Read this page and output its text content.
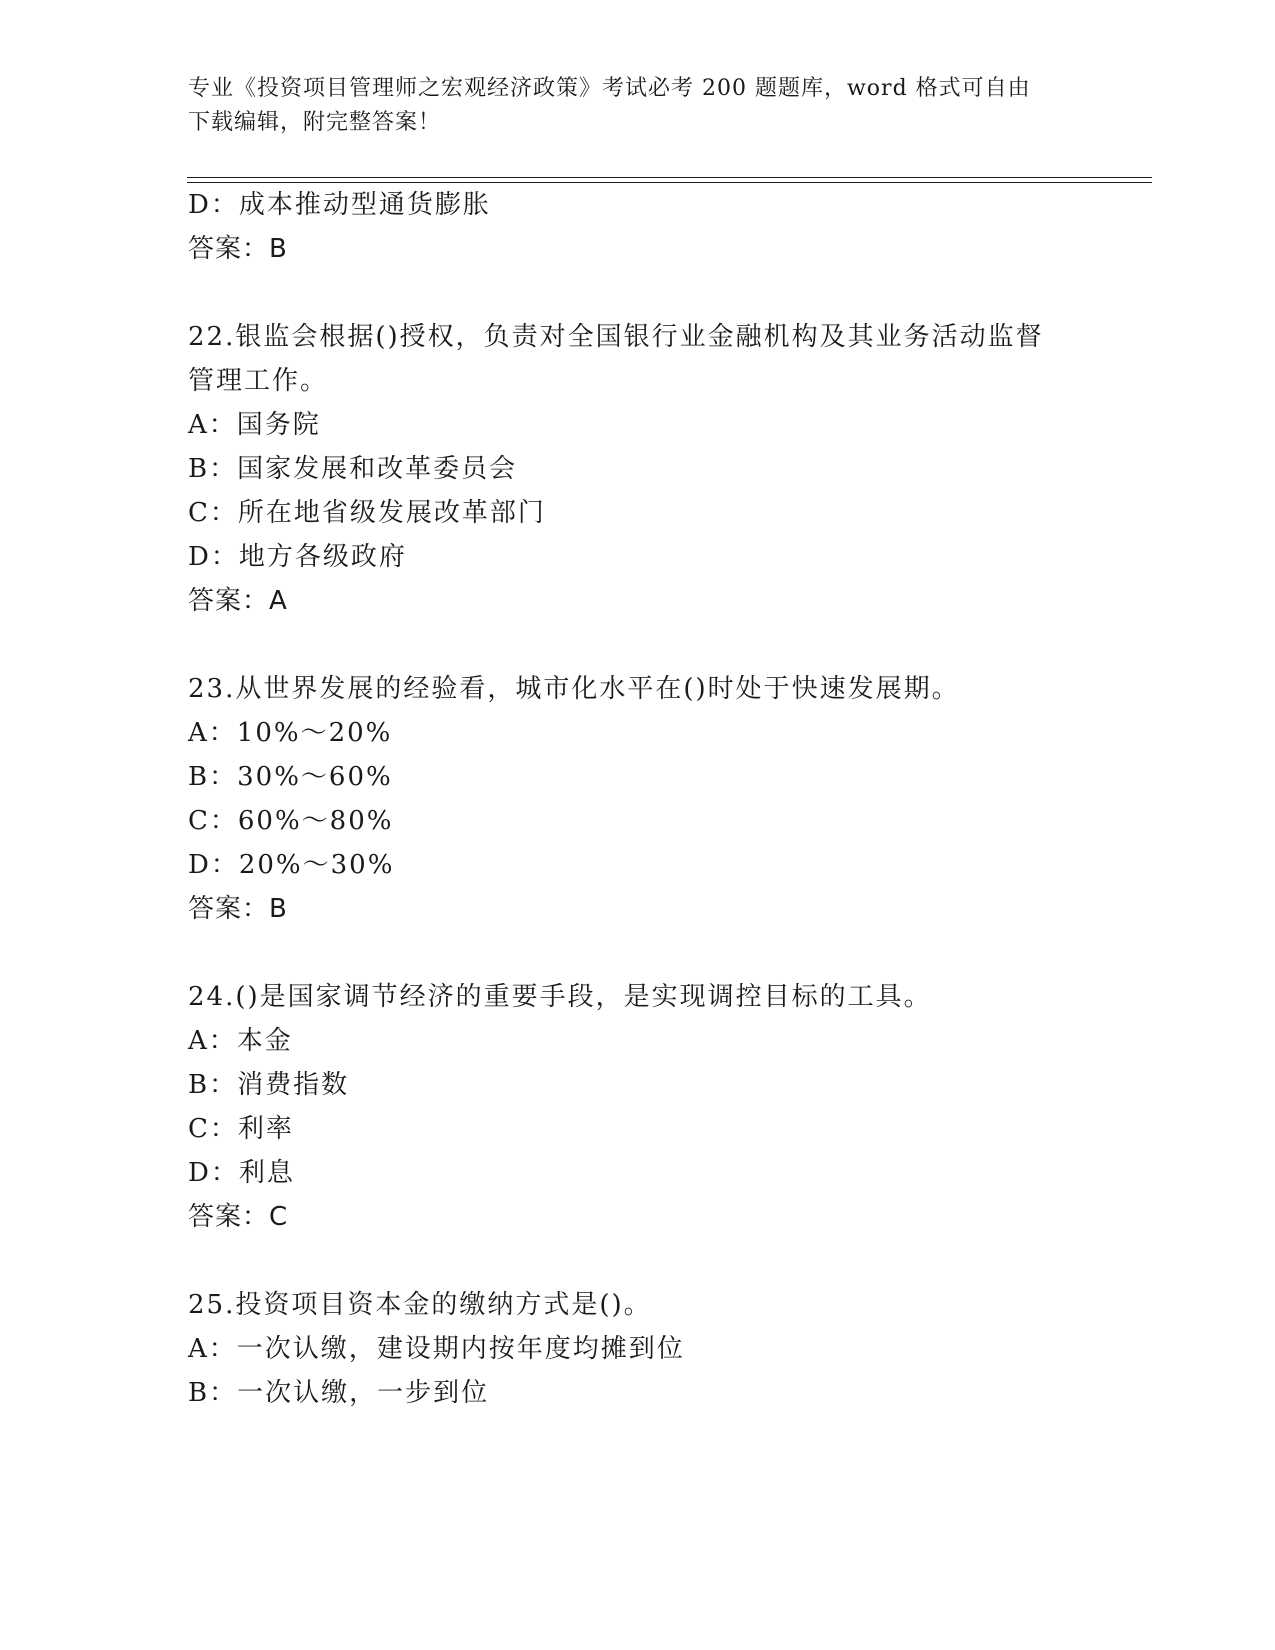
专业《投资项目管理师之宏观经济政策》考试必考 200 题题库，word 格式可自由
下载编辑，附完整答案！
D：成本推动型通货膨胀
答案：B
22.银监会根据()授权，负责对全国银行业金融机构及其业务活动监督
管理工作。
A：国务院
B：国家发展和改革委员会
C：所在地省级发展改革部门
D：地方各级政府
答案：A
23.从世界发展的经验看，城市化水平在()时处于快速发展期。
A：10%～20%
B：30%～60%
C：60%～80%
D：20%～30%
答案：B
24.()是国家调节经济的重要手段，是实现调控目标的工具。
A：本金
B：消费指数
C：利率
D：利息
答案：C
25.投资项目资本金的缴纳方式是()。
A：一次认缴，建设期内按年度均摊到位
B：一次认缴，一步到位
